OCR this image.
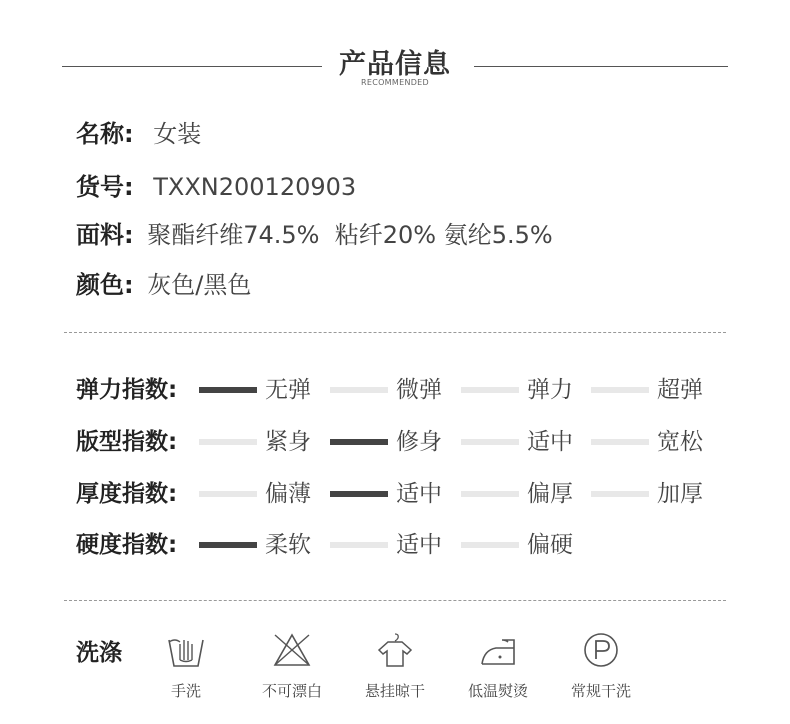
产品信息
RECOMMENDED
名称: 女装
货号: TXXN200120903
面料: 聚酯纤维74.5%  粘纤20% 氨纶5.5%
颜色: 灰色/黑色
弹力指数:	无弹	微弹	弹力	超弹
版型指数:	紧身	修身	适中	宽松
厚度指数:	偏薄	适中	偏厚	加厚
硬度指数:	柔软	适中	偏硬
洗涤
手洗	不可漂白	悬挂晾干	低温熨烫	常规干洗
